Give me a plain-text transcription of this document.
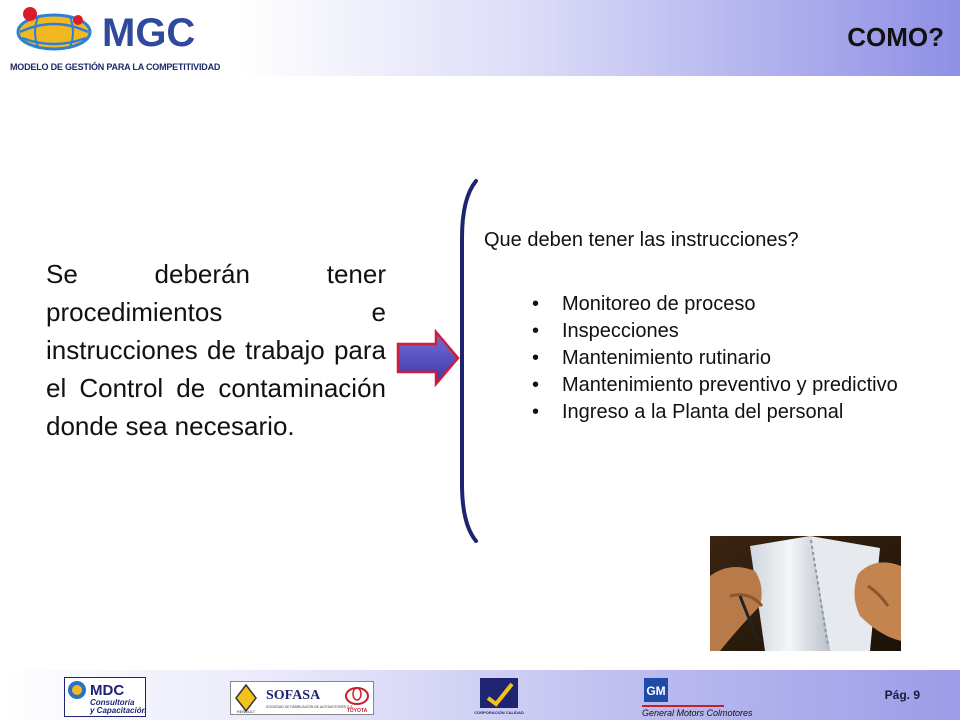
MGC
MODELO DE GESTIÓN PARA LA COMPETITIVIDAD
COMO?
Se deberán tener procedimientos e instrucciones de trabajo para el Control de contaminación donde sea necesario.
Que deben tener las instrucciones?
• Monitoreo de proceso
• Inspecciones
• Mantenimiento rutinario
• Mantenimiento preventivo y predictivo
• Ingreso a la Planta del personal
MDC
Consultoría
y Capacitación	RENAULT
SOFASA
SOCIEDAD DE FABRICACIÓN DE AUTOMOTORES S.A.
TOYOTA	CORPORACIÓN CALIDAD
GM
General Motors Colmotores
Pág. 9
